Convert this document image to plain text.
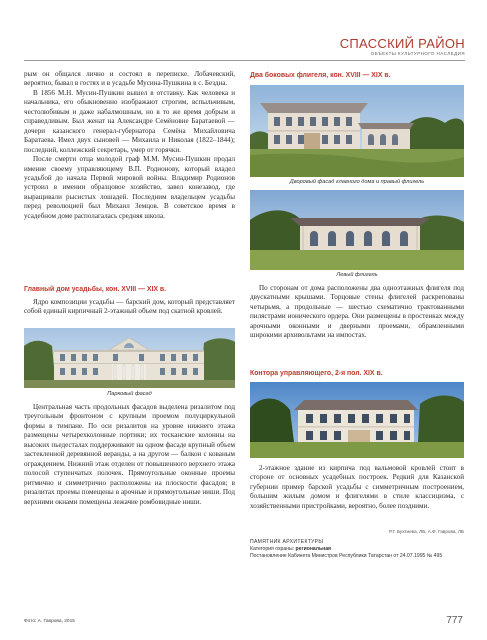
СПАССКИЙ РАЙОН
ОБЪЕКТЫ КУЛЬТУРНОГО НАСЛЕДИЯ

рым он общался лично и состоял в переписке. Лобачевский, вероятно, бывал в гостях и в усадьбе Мусина-Пушкина в с. Бездна.

В 1856 М.Н. Мусин-Пушкин вышел в отставку. Как человека и начальника, его обыкновенно изображают строгим, вспыльчивым, честолюбивым и даже набалмошным, но в то же время добрым и справедливым. Был женат на Александре Семёновне Баратаевой — дочери казанского генерал-губернатора Семёна Михайловича Баратаева. Имел двух сыновей — Михаила и Николая (1822–1844); последний, коллежский секретарь, умер от горячки.

После смерти отца молодой граф М.М. Мусин-Пушкин продал имение своему управляющему В.П. Родионову, который владел усадьбой до начала Первой мировой войны. Владимир Родионов устроил в имении образцовое хозяйство, завел конезавод, где выращивали рысистых лошадей. Последним владельцем усадьбы перед революцией был Михаил Земцов. В советское время в усадебном доме располагалась средняя школа.

Главный дом усадьбы, кон. XVIII — XIX в.

Ядро композиции усадьбы — барский дом, который представляет собой единый кирпичный 2-этажный объем под скатной кровлей.

Парковый фасад

Центральная часть продольных фасадов выделена ризалитом под треугольным фронтоном с крупным проемом полуциркульной формы в тимпане. По оси ризалитов на уровне нижнего этажа размещены четырехколонные портики; их тосканские колонны на высоких пьедесталах поддерживают на одном фасаде крупный объем застекленной деревянной веранды, а на другом — балкон с кованым ограждением. Нижний этаж отделен от повышенного верхнего этажа полосой ступенчатых полочек. Прямоугольные оконные проемы ритмично и симметрично расположены на плоскости фасадов; в ризалитах проемы помещены в арочные и прямоугольные ниши. Под верхними окнами помещены лежачие ромбовидные ниши.

Два боковых флигеля, кон. XVIII — XIX в.
Дворовый фасад главного дома и правый флигель
Левый флигель

По сторонам от дома расположены два одноэтажных флигеля под двускатными крышами. Торцовые стены флигелей раскрепованы четырьмя, а продольные — шестью схематично трактованными пилястрами ионического ордера. Они размещены в простенках между арочными оконными и дверными проемами, обрамленными широкими архивольтами на импостах.

Контора управляющего, 2-я пол. XIX в.

2-этажное здание из кирпича под вальмовой кровлей стоит в стороне от основных усадебных построек. Редкий для Казанской губернии пример барской усадьбы с симметричным построением, большим жилым домом и флигелями в стиле классицизма, с хозяйственными пристройками, вероятно, более поздними.

Р.Г. Бухтиева, ЛБ, А.Ф. Гаврова, ЛБ
ПАМЯТНИК АРХИТЕКТУРЫ
Категория охраны: региональная
Постановление Кабинета Министров Республики Татарстан от 24.07.1995 № 495
Фото: А. Гаврова, 2015	777
